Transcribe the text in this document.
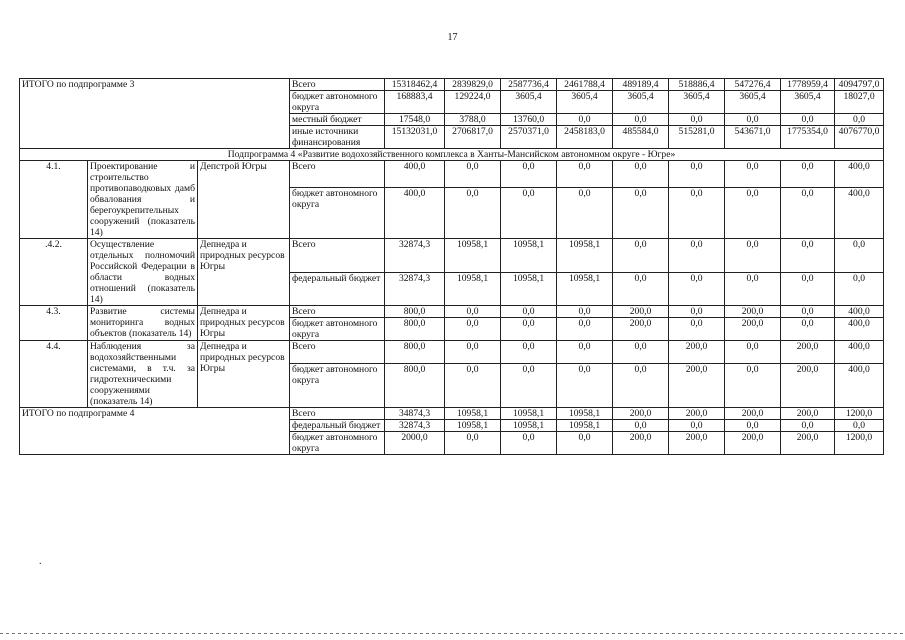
17
ИТОГО по подпрограмме 3			Всего	15318462,4	2839829,0	2587736,4	2461788,4	489189,4	518886,4	547276,4	1778959,4	4094797,0
			бюджет автономного округа	168883,4	129224,0	3605,4	3605,4	3605,4	3605,4	3605,4	3605,4	18027,0
			местный бюджет	17548,0	3788,0	13760,0	0,0	0,0	0,0	0,0	0,0	0,0
			иные источники финансирования	15132031,0	2706817,0	2570371,0	2458183,0	485584,0	515281,0	543671,0	1775354,0	4076770,0
Подпрограмма 4 «Развитие водохозяйственного комплекса в Ханты-Мансийском автономном округе - Югре»												
4.1.	Проектирование и строительство противопаводковых дамб обвалования и берегоукрепительных сооружений (показатель 14)	Депстрой Югры	Всего	400,0	0,0	0,0	0,0	0,0	0,0	0,0	0,0	400,0
			бюджет автономного округа	400,0	0,0	0,0	0,0	0,0	0,0	0,0	0,0	400,0
.4.2.	Осуществление отдельных полномочий Российской Федерации в области водных отношений (показатель 14)	Депнедра и природных ресурсов Югры	Всего	32874,3	10958,1	10958,1	10958,1	0,0	0,0	0,0	0,0	0,0
			федеральный бюджет	32874,3	10958,1	10958,1	10958,1	0,0	0,0	0,0	0,0	0,0
4.3.	Развитие системы мониторинга водных объектов (показатель 14)	Депнедра и природных ресурсов Югры	Всего	800,0	0,0	0,0	0,0	200,0	0,0	200,0	0,0	400,0
			бюджет автономного округа	800,0	0,0	0,0	0,0	200,0	0,0	200,0	0,0	400,0
4.4.	Наблюдения за водохозяйственными системами, в т.ч. за гидротехническими сооружениями (показатель 14)	Депнедра и природных ресурсов Югры	Всего	800,0	0,0	0,0	0,0	0,0	200,0	0,0	200,0	400,0
			бюджет автономного округа	800,0	0,0	0,0	0,0	0,0	200,0	0,0	200,0	400,0
ИТОГО по подпрограмме 4			Всего	34874,3	10958,1	10958,1	10958,1	200,0	200,0	200,0	200,0	1200,0
			федеральный бюджет	32874,3	10958,1	10958,1	10958,1	0,0	0,0	0,0	0,0	0,0
			бюджет автономного округа	2000,0	0,0	0,0	0,0	200,0	200,0	200,0	200,0	1200,0
.
